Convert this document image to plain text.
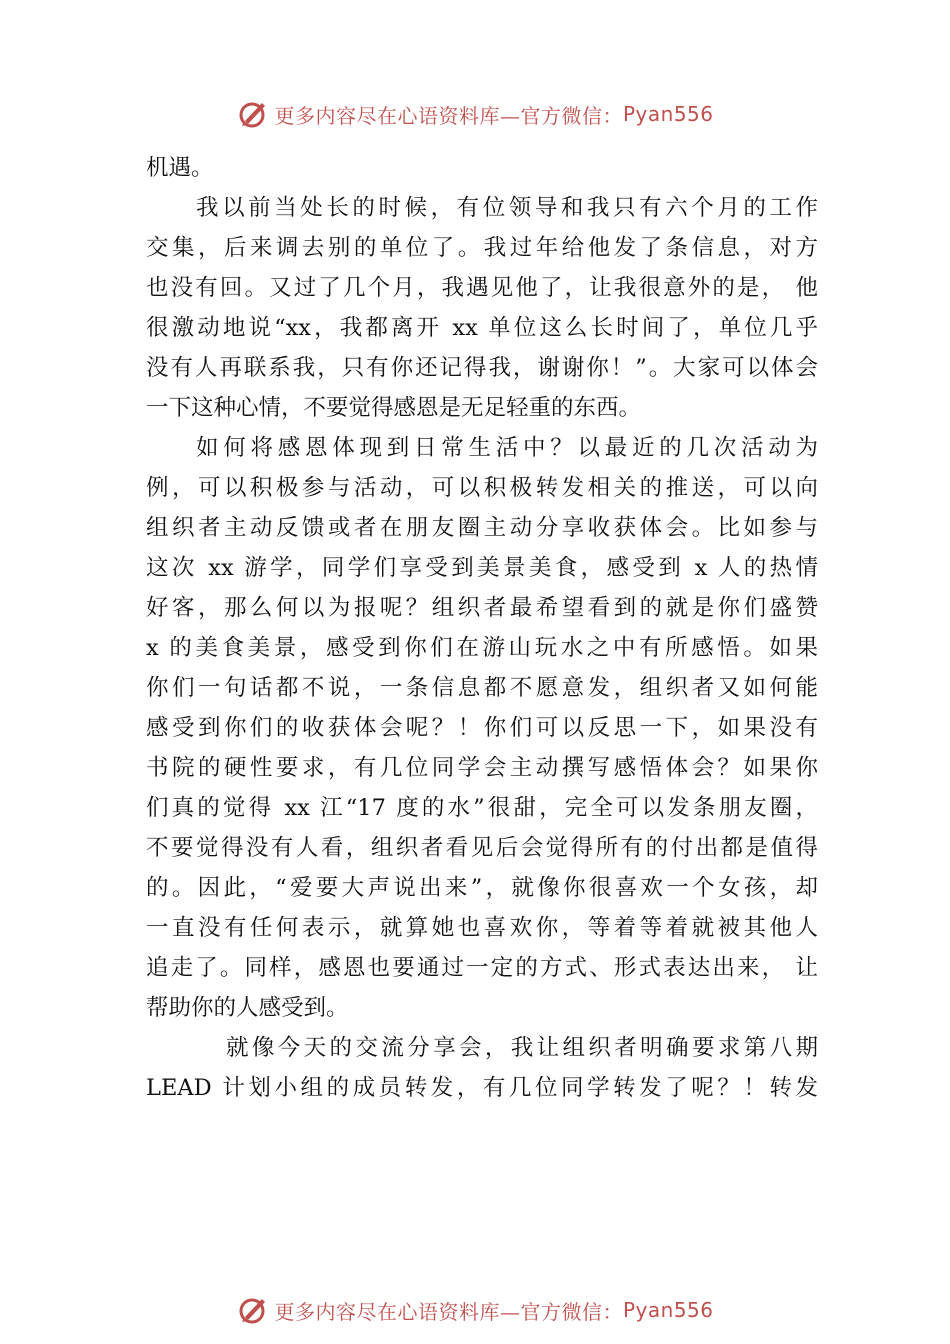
更多内容尽在心语资料库—官方微信： Pyan556
机遇。
我以前当处长的时候，有位领导和我只有六个月的工作
交集，后来调去别的单位了。我过年给他发了条信息，对方
也没有回。又过了几个月，我遇见他了，让我很意外的是， 他
很激动地说“xx，我都离开 xx 单位这么长时间了，单位几乎
没有人再联系我，只有你还记得我，谢谢你！”。大家可以体会
一下这种心情，不要觉得感恩是无足轻重的东西。
如何将感恩体现到日常生活中？以最近的几次活动为
例，可以积极参与活动，可以积极转发相关的推送，可以向
组织者主动反馈或者在朋友圈主动分享收获体会。比如参与
这次 xx 游学，同学们享受到美景美食，感受到 x 人的热情
好客，那么何以为报呢？组织者最希望看到的就是你们盛赞
x 的美食美景，感受到你们在游山玩水之中有所感悟。如果
你们一句话都不说，一条信息都不愿意发，组织者又如何能
感受到你们的收获体会呢？！你们可以反思一下，如果没有
书院的硬性要求，有几位同学会主动撰写感悟体会？如果你
们真的觉得 xx 江“17 度的水”很甜，完全可以发条朋友圈，
不要觉得没有人看，组织者看见后会觉得所有的付出都是值得
的。因此，“爱要大声说出来”，就像你很喜欢一个女孩，却
一直没有任何表示，就算她也喜欢你，等着等着就被其他人
追走了。同样，感恩也要通过一定的方式、形式表达出来， 让
帮助你的人感受到。
就像今天的交流分享会，我让组织者明确要求第八期
LEAD 计划小组的成员转发，有几位同学转发了呢？！转发
更多内容尽在心语资料库—官方微信： Pyan556
